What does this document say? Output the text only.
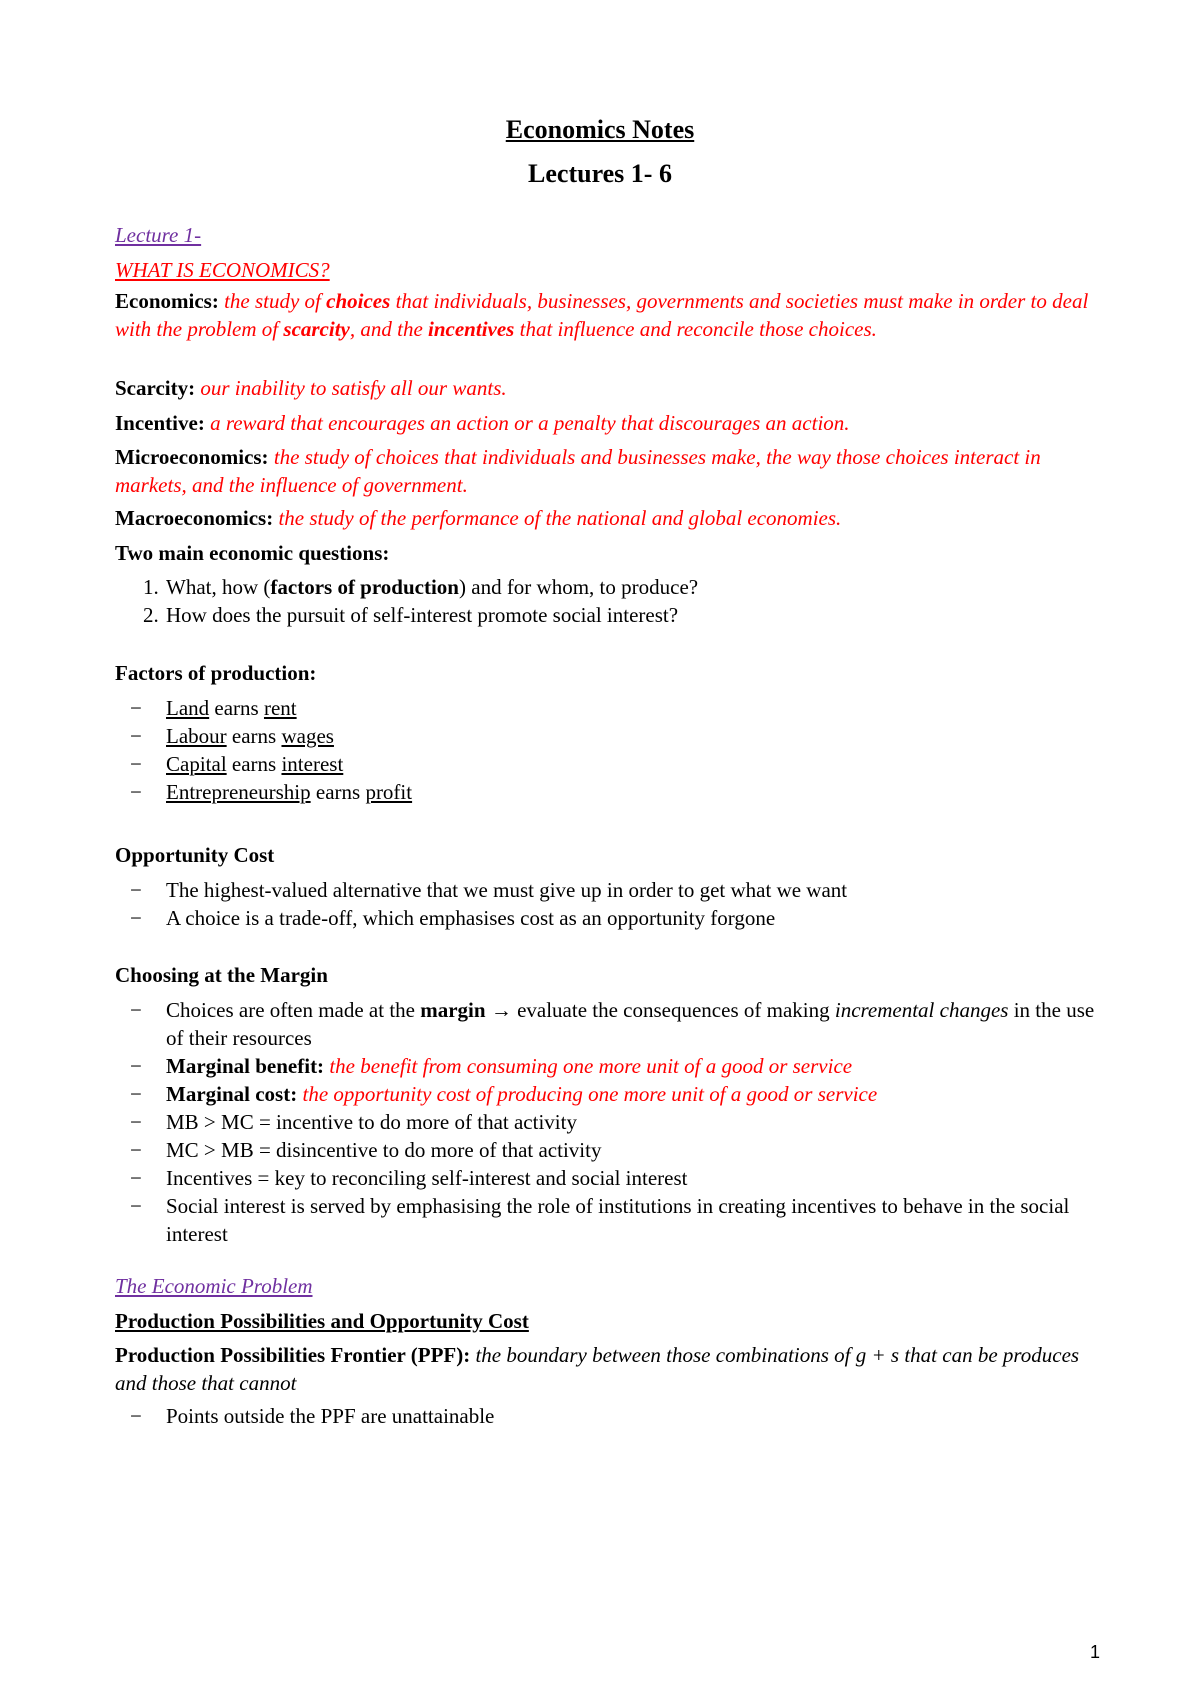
Economics Notes
Lectures 1- 6
Lecture 1-
WHAT IS ECONOMICS?
Economics: the study of choices that individuals, businesses, governments and societies must make in order to deal with the problem of scarcity, and the incentives that influence and reconcile those choices.
Scarcity: our inability to satisfy all our wants.
Incentive: a reward that encourages an action or a penalty that discourages an action.
Microeconomics: the study of choices that individuals and businesses make, the way those choices interact in markets, and the influence of government.
Macroeconomics: the study of the performance of the national and global economies.
Two main economic questions:
1. What, how (factors of production) and for whom, to produce?
2. How does the pursuit of self-interest promote social interest?
Factors of production:
− Land earns rent
− Labour earns wages
− Capital earns interest
− Entrepreneurship earns profit
Opportunity Cost
− The highest-valued alternative that we must give up in order to get what we want
− A choice is a trade-off, which emphasises cost as an opportunity forgone
Choosing at the Margin
− Choices are often made at the margin → evaluate the consequences of making incremental changes in the use of their resources
− Marginal benefit: the benefit from consuming one more unit of a good or service
− Marginal cost: the opportunity cost of producing one more unit of a good or service
− MB > MC = incentive to do more of that activity
− MC > MB = disincentive to do more of that activity
− Incentives = key to reconciling self-interest and social interest
− Social interest is served by emphasising the role of institutions in creating incentives to behave in the social interest
The Economic Problem
Production Possibilities and Opportunity Cost
Production Possibilities Frontier (PPF): the boundary between those combinations of g + s that can be produces and those that cannot
− Points outside the PPF are unattainable
1
